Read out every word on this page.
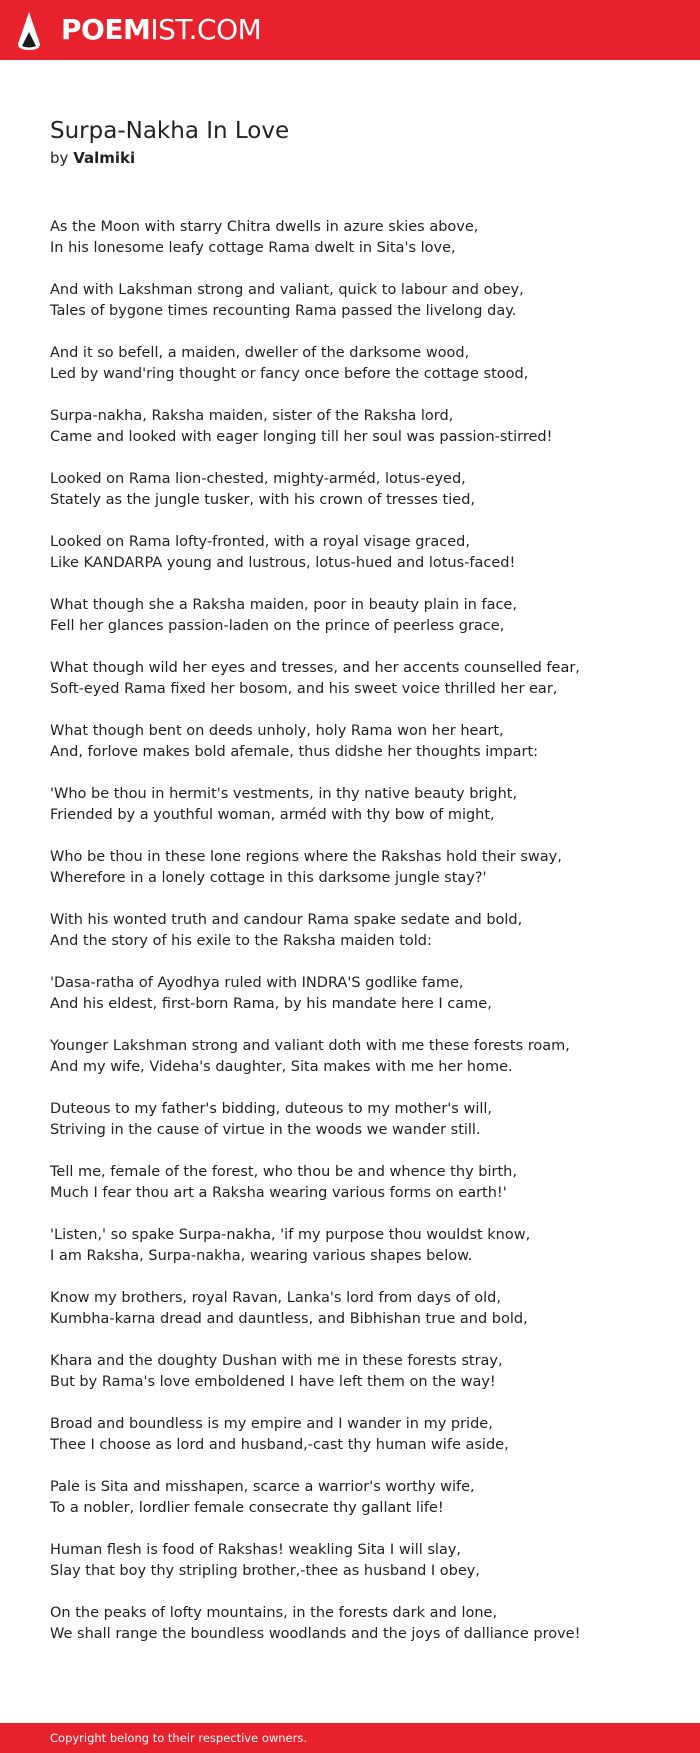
POEMIST.COM
Surpa-Nakha In Love
by Valmiki
As the Moon with starry Chitra dwells in azure skies above,
In his lonesome leafy cottage Rama dwelt in Sita's love,
And with Lakshman strong and valiant, quick to labour and obey,
Tales of bygone times recounting Rama passed the livelong day.
And it so befell, a maiden, dweller of the darksome wood,
Led by wand'ring thought or fancy once before the cottage stood,
Surpa-nakha, Raksha maiden, sister of the Raksha lord,
Came and looked with eager longing till her soul was passion-stirred!
Looked on Rama lion-chested, mighty-arméd, lotus-eyed,
Stately as the jungle tusker, with his crown of tresses tied,
Looked on Rama lofty-fronted, with a royal visage graced,
Like KANDARPA young and lustrous, lotus-hued and lotus-faced!
What though she a Raksha maiden, poor in beauty plain in face,
Fell her glances passion-laden on the prince of peerless grace,
What though wild her eyes and tresses, and her accents counselled fear,
Soft-eyed Rama fixed her bosom, and his sweet voice thrilled her ear,
What though bent on deeds unholy, holy Rama won her heart,
And, forlove makes bold afemale, thus didshe her thoughts impart:
'Who be thou in hermit's vestments, in thy native beauty bright,
Friended by a youthful woman, arméd with thy bow of might,
Who be thou in these lone regions where the Rakshas hold their sway,
Wherefore in a lonely cottage in this darksome jungle stay?'
With his wonted truth and candour Rama spake sedate and bold,
And the story of his exile to the Raksha maiden told:
'Dasa-ratha of Ayodhya ruled with INDRA'S godlike fame,
And his eldest, first-born Rama, by his mandate here I came,
Younger Lakshman strong and valiant doth with me these forests roam,
And my wife, Videha's daughter, Sita makes with me her home.
Duteous to my father's bidding, duteous to my mother's will,
Striving in the cause of virtue in the woods we wander still.
Tell me, female of the forest, who thou be and whence thy birth,
Much I fear thou art a Raksha wearing various forms on earth!'
'Listen,' so spake Surpa-nakha, 'if my purpose thou wouldst know,
I am Raksha, Surpa-nakha, wearing various shapes below.
Know my brothers, royal Ravan, Lanka's lord from days of old,
Kumbha-karna dread and dauntless, and Bibhishan true and bold,
Khara and the doughty Dushan with me in these forests stray,
But by Rama's love emboldened I have left them on the way!
Broad and boundless is my empire and I wander in my pride,
Thee I choose as lord and husband,-cast thy human wife aside,
Pale is Sita and misshapen, scarce a warrior's worthy wife,
To a nobler, lordlier female consecrate thy gallant life!
Human flesh is food of Rakshas! weakling Sita I will slay,
Slay that boy thy stripling brother,-thee as husband I obey,
On the peaks of lofty mountains, in the forests dark and lone,
We shall range the boundless woodlands and the joys of dalliance prove!
Copyright belong to their respective owners.
